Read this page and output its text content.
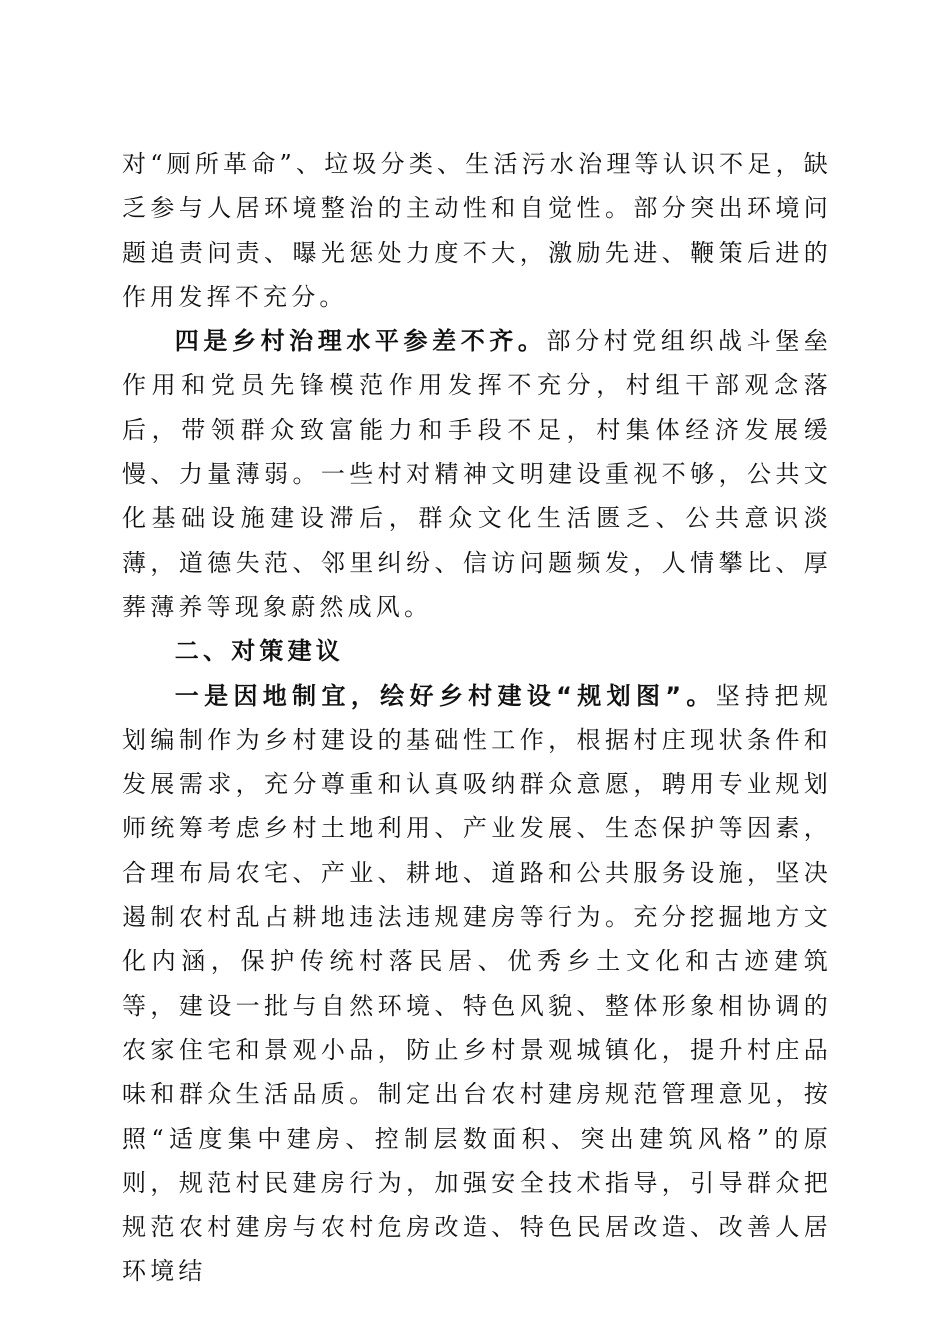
对“厕所革命”、垃圾分类、生活污水治理等认识不足，缺乏参与人居环境整治的主动性和自觉性。部分突出环境问题追责问责、曝光惩处力度不大，激励先进、鞭策后进的作用发挥不充分。

四是乡村治理水平参差不齐。部分村党组织战斗堡垒作用和党员先锋模范作用发挥不充分，村组干部观念落后，带领群众致富能力和手段不足，村集体经济发展缓慢、力量薄弱。一些村对精神文明建设重视不够，公共文化基础设施建设滞后，群众文化生活匮乏、公共意识淡薄，道德失范、邻里纠纷、信访问题频发，人情攀比、厚葬薄养等现象蔚然成风。

二、对策建议

一是因地制宜，绘好乡村建设“规划图”。坚持把规划编制作为乡村建设的基础性工作，根据村庄现状条件和发展需求，充分尊重和认真吸纳群众意愿，聘用专业规划师统筹考虑乡村土地利用、产业发展、生态保护等因素，合理布局农宅、产业、耕地、道路和公共服务设施，坚决遏制农村乱占耕地违法违规建房等行为。充分挖掘地方文化内涵，保护传统村落民居、优秀乡土文化和古迹建筑等，建设一批与自然环境、特色风貌、整体形象相协调的农家住宅和景观小品，防止乡村景观城镇化，提升村庄品味和群众生活品质。制定出台农村建房规范管理意见，按照“适度集中建房、控制层数面积、突出建筑风格”的原则，规范村民建房行为，加强安全技术指导，引导群众把规范农村建房与农村危房改造、特色民居改造、改善人居环境结
